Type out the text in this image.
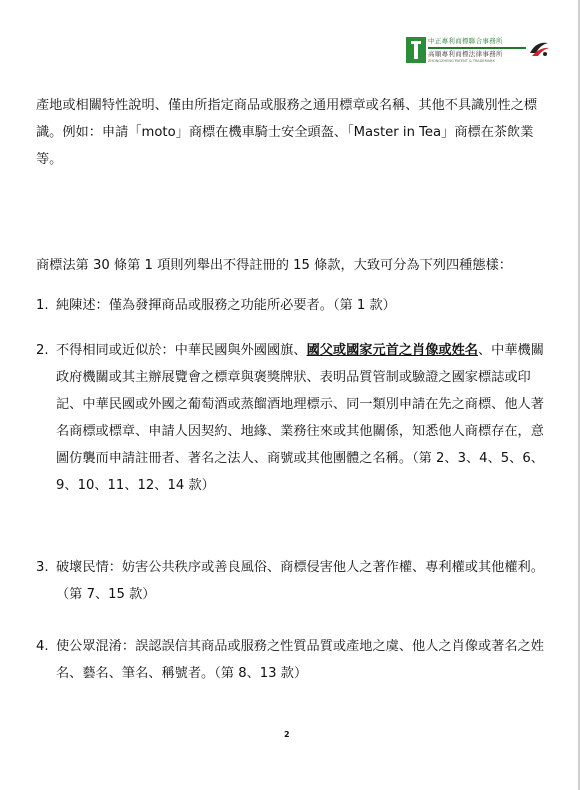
中正專利商標聯合事務所
高順專利商標法律事務所
ZHONGZHENG PATENT & TRADEMARK

產地或相關特性說明、僅由所指定商品或服務之通用標章或名稱、其他不具識別性之標識。例如：申請「moto」商標在機車騎士安全頭盔、「Master in Tea」商標在茶飲業等。

商標法第 30 條第 1 項則列舉出不得註冊的 15 條款，大致可分為下列四種態樣：

1. 純陳述：僅為發揮商品或服務之功能所必要者。（第 1 款）
2. 不得相同或近似於：中華民國與外國國旗、國父或國家元首之肖像或姓名、中華機關政府機關或其主辦展覽會之標章與褒獎牌狀、表明品質管制或驗證之國家標誌或印記、中華民國或外國之葡萄酒或蒸餾酒地理標示、同一類別申請在先之商標、他人著名商標或標章、申請人因契約、地緣、業務往來或其他關係，知悉他人商標存在，意圖仿襲而申請註冊者、著名之法人、商號或其他團體之名稱。（第 2、3、4、5、6、9、10、11、12、14 款）
3. 破壞民情：妨害公共秩序或善良風俗、商標侵害他人之著作權、專利權或其他權利。
（第 7、15 款）
4. 使公眾混淆：誤認誤信其商品或服務之性質品質或產地之虞、他人之肖像或著名之姓名、藝名、筆名、稱號者。（第 8、13 款）
2
